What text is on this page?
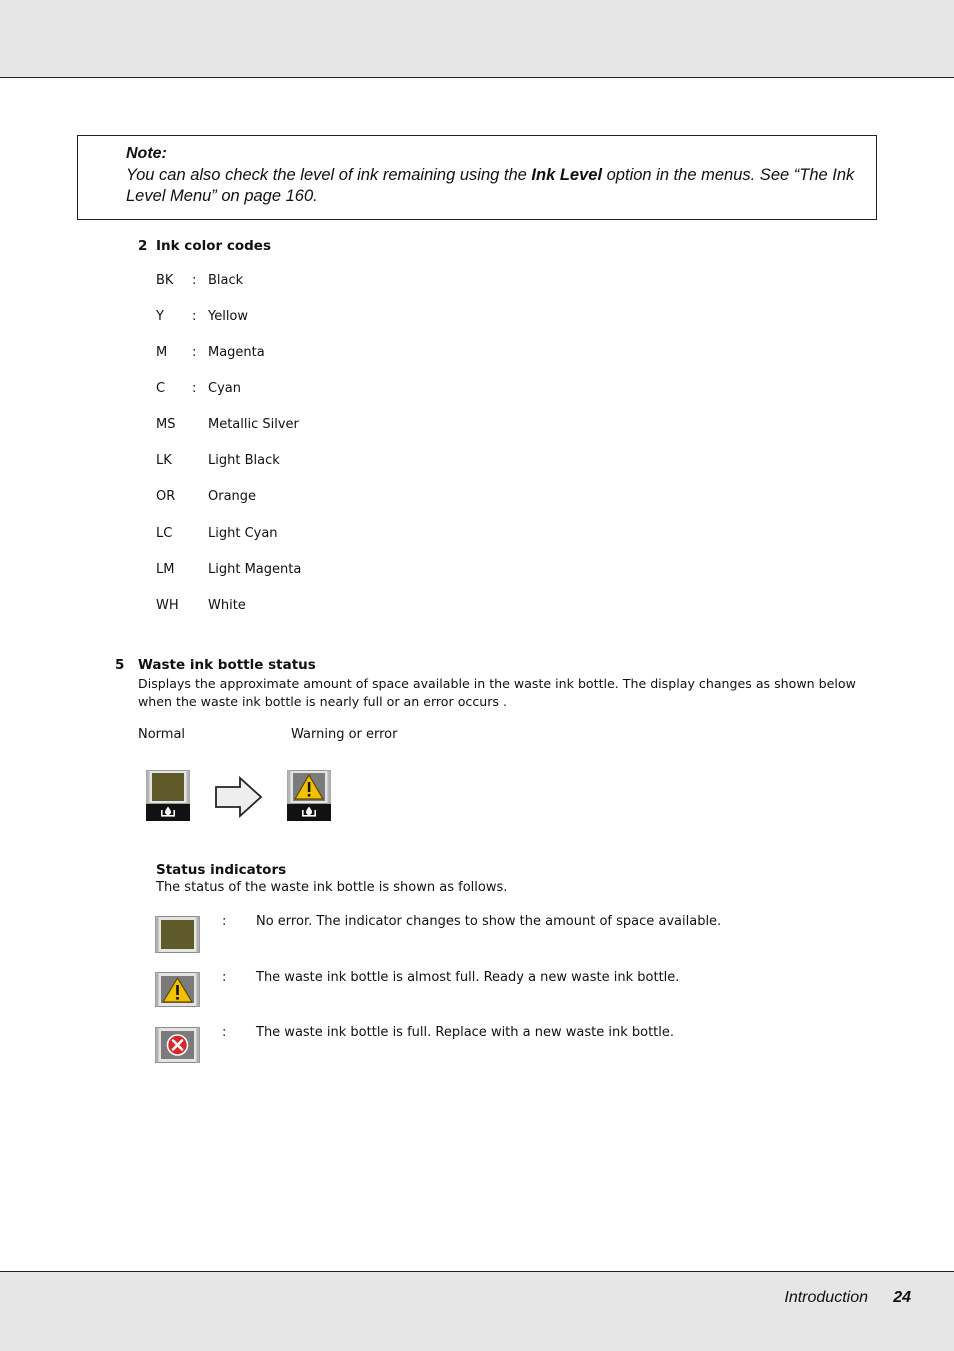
Note:
You can also check the level of ink remaining using the Ink Level option in the menus. See “The Ink Level Menu” on page 160.
2 Ink color codes
BK : Black
Y : Yellow
M : Magenta
C : Cyan
MS	Metallic Silver
LK	Light Black
OR	Orange
LC	Light Cyan
LM	Light Magenta
WH White
5 Waste ink bottle status
Displays the approximate amount of space available in the waste ink bottle. The display changes as shown below when the waste ink bottle is nearly full or an error occurs .
Normal	Warning or error
Status indicators
The status of the waste ink bottle is shown as follows.
: No error. The indicator changes to show the amount of space available.
: The waste ink bottle is almost full. Ready a new waste ink bottle.
: The waste ink bottle is full. Replace with a new waste ink bottle.
Introduction 24
